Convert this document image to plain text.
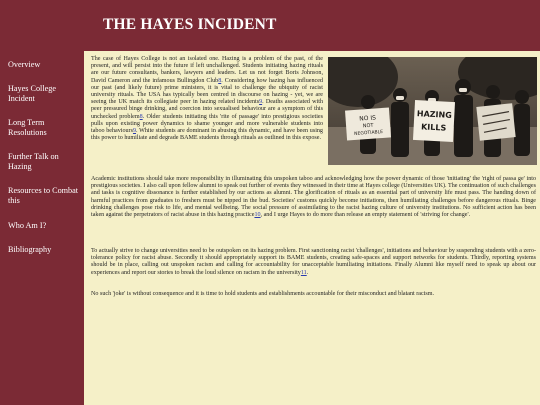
THE HAYES INCIDENT
Overview
Hayes College Incident
Long Term Resolutions
Further Talk on Hazing
Resources to Combat this
Who Am I?
Bibliography
NO IS
NOT
NEGOTIABLE
HAZING
KILLS
The case of Hayes College is not an isolated one. Hazing is a problem of the past, of the present, and will persist into the future if left unchallenged. Students initiating hazing rituals are our future consultants, bankers, lawyers and leaders. Let us not forget Boris Johnson, David Cameron and the infamous Bullingdon Club8. Considering how hazing has influenced our past (and likely future) prime ministers, it is vital to challenge the ubiquity of racist university rituals. The USA has typically been centred in discourse on hazing - yet, we are seeing the UK match its collegiate peer in hazing related incidents9. Deaths associated with peer pressured binge drinking, and coercion into sexualised behaviour are a symptom of this unchecked problem8. Older students initiating this 'rite of passage' into prestigious societies pulls upon existing power dynamics to shame younger and more vulnerable students into taboo behaviours9. White students are dominant in abusing this dynamic, and have been using this power to humiliate and degrade BAME students through rituals as outlined in this expose.
Academic institutions should take more responsibility in illuminating this unspoken taboo and acknowledging how the power dynamic of those 'initiating' the 'right of passa ge' into prestigious societies. I also call upon fellow alumni to speak out further of events they witnessed in their time at Hayes college (Universities UK). The continuation of such challenges and tasks is cognitive dissonance is further established by our actions as alumni. The glorification of rituals as an essential part of university life must pass. The handing down of harmful practices from graduates to freshers must be nipped in the bud. Societies' customs quickly become initiations, then humiliating challenges before dangerous rituals. Binge drinking challenges pose risk to life, and mental wellbeing. The social pressure of assimilating to the racist hazing culture of university institutions. No sufficient action has been taken against the perpetrators of racist abuse in this hazing practice10, and I urge Hayes to do more than release an empty statement of 'striving for change'.
To actually strive to change universities need to be outspoken on its hazing problem. First sanctioning racist 'challenges', initiations and behaviour by suspending students with a zero-tolerance policy for racist abuse. Secondly it should appropriately support its BAME students, creating safe-spaces and support networks for students. Thirdly, reporting systems should be in place, calling out unspoken racism and calling for accountability for unacceptable humiliating initiations. Finally Alumni like myself need to speak up about our experiences and report our stories to break the loud silence on racism in the university11.
No such 'joke' is without consequence and it is time to hold students and establishments accountable for their misconduct and blatant racism.
